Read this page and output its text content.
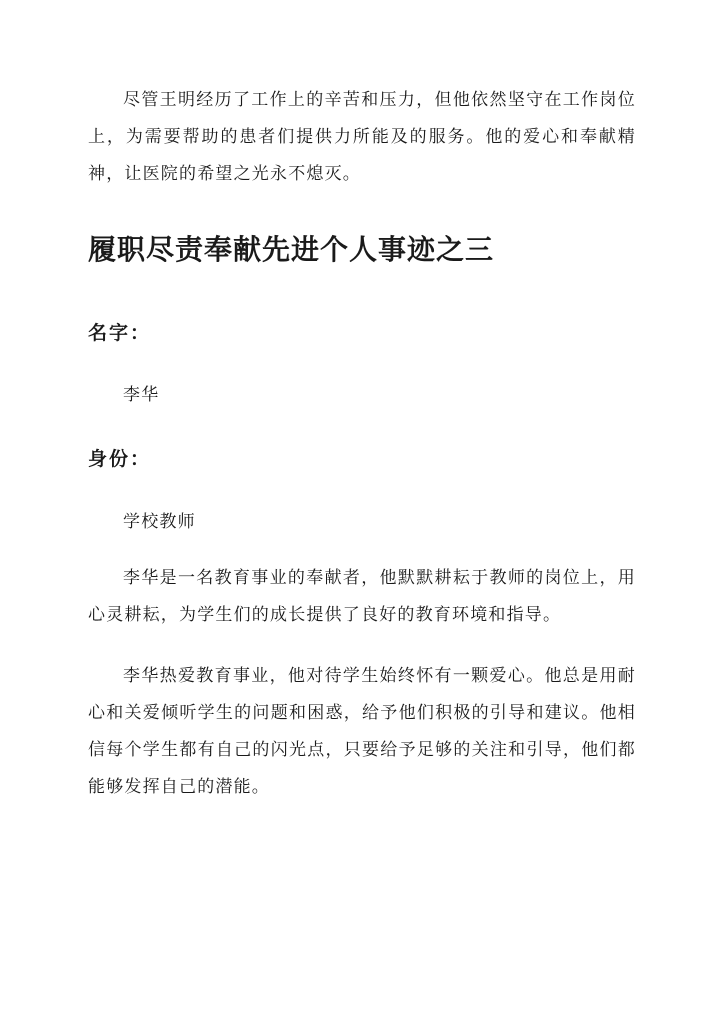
尽管王明经历了工作上的辛苦和压力，但他依然坚守在工作岗位上，为需要帮助的患者们提供力所能及的服务。他的爱心和奉献精神，让医院的希望之光永不熄灭。

履职尽责奉献先进个人事迹之三
名字：

李华

身份：

学校教师

李华是一名教育事业的奉献者，他默默耕耘于教师的岗位上，用心灵耕耘，为学生们的成长提供了良好的教育环境和指导。

李华热爱教育事业，他对待学生始终怀有一颗爱心。他总是用耐心和关爱倾听学生的问题和困惑，给予他们积极的引导和建议。他相信每个学生都有自己的闪光点，只要给予足够的关注和引导，他们都能够发挥自己的潜能。
